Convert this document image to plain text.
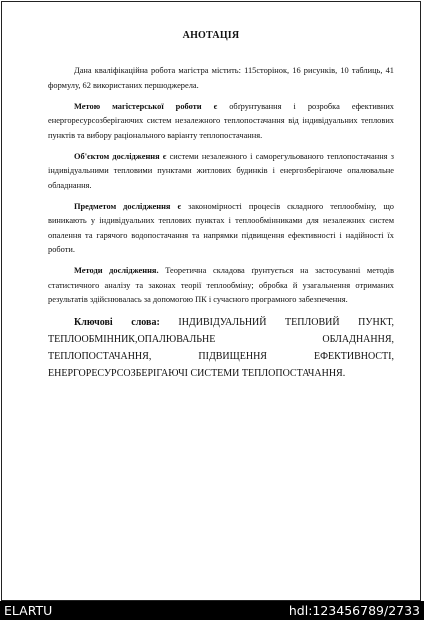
АНОТАЦІЯ

Дана кваліфікаційна робота магістра містить: 115сторінок, 16 рисунків, 10 таблиць, 41 формулу, 62 використаних першоджерела.

Метою магістерської роботи є обґрунтування і розробка ефективних енергоресурсозберігаючих систем незалежного теплопостачання від індивідуальних теплових пунктів та вибору раціонального варіанту теплопостачання.

Об'єктом дослідження є системи незалежного і саморегульованого теплопостачання з індивідуальними тепловими пунктами житлових будинків і енергозберігаюче опалювальне обладнання.

Предметом дослідження є закономірності процесів складного теплообміну, що виникають у індивідуальних теплових пунктах і теплообмінниками для незалежних систем опалення та гарячого водопостачання та напрямки підвищення ефективності і надійності їх роботи.

Методи дослідження. Теоретична складова ґрунтується на застосуванні методів статистичного аналізу та законах теорії теплообміну; обробка й узагальнення отриманих результатів здійснювалась за допомогою ПК і сучасного програмного забезпечення.

Ключові слова: ІНДИВІДУАЛЬНИЙ ТЕПЛОВИЙ ПУНКТ, ТЕПЛООБМІННИК,ОПАЛЮВАЛЬНЕ ОБЛАДНАННЯ, ТЕПЛОПОСТАЧАННЯ, ПІДВИЩЕННЯ ЕФЕКТИВНОСТІ, ЕНЕРГОРЕСУРСОЗБЕРІГАЮЧІ СИСТЕМИ ТЕПЛОПОСТАЧАННЯ.

ELARTU	hdl:123456789/2733
